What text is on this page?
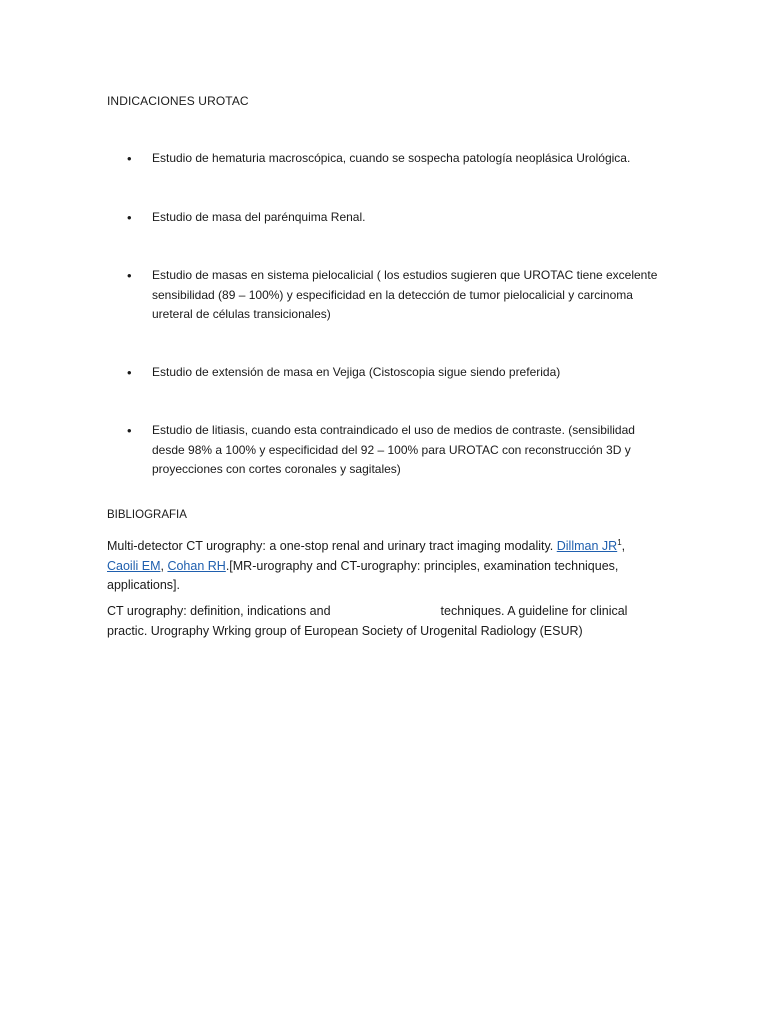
INDICACIONES UROTAC
•	Estudio de hematuria macroscópica, cuando se sospecha patología neoplásica Urológica.
•	Estudio de masa del parénquima Renal.
•	Estudio de masas en sistema pielocalicial ( los estudios sugieren que UROTAC tiene excelente sensibilidad (89 – 100%) y especificidad en la detección de tumor pielocalicial y carcinoma ureteral de células transicionales)
•	Estudio de extensión de masa en Vejiga (Cistoscopia sigue siendo preferida)
•	Estudio de litiasis, cuando esta contraindicado el uso de medios de contraste. (sensibilidad desde 98% a 100% y especificidad del 92 – 100% para UROTAC con reconstrucción 3D y proyecciones con cortes coronales y sagitales)
BIBLIOGRAFIA
Multi-detector CT urography: a one-stop renal and urinary tract imaging modality. Dillman $JR^1$, Caoili EM, Cohan RH.[MR-urography and CT-urography: principles, examination techniques, applications].
CT urography: definition, indications and	techniques. A guideline for clinical practic. Urography Wrking group of European Society of Urogenital Radiology (ESUR)
